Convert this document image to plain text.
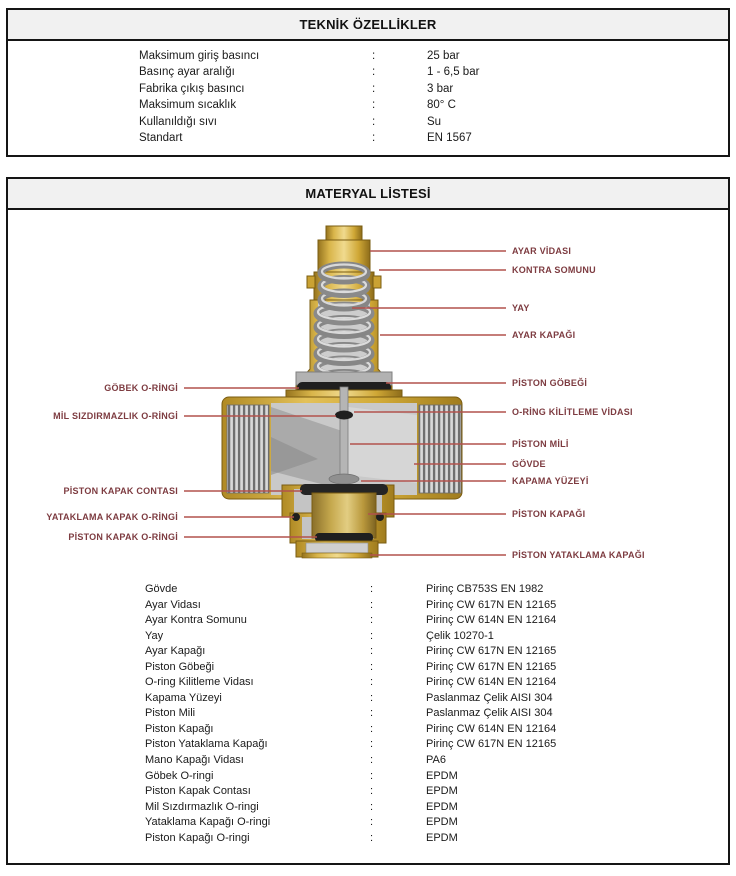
TEKNİK ÖZELLİKLER
Maksimum giriş basıncı	:	25 bar
Basınç ayar aralığı	:	1 - 6,5 bar
Fabrika çıkış basıncı	:	3 bar
Maksimum sıcaklık	:	80° C
Kullanıldığı sıvı	:	Su
Standart	:	EN 1567
MATERYAL LİSTESİ
AYAR VİDASI
KONTRA SOMUNU
YAY
AYAR KAPAĞI
PİSTON GÖBEĞİ
O-RİNG KİLİTLEME VİDASI
PİSTON MİLİ
GÖVDE
KAPAMA YÜZEYİ
PİSTON KAPAĞI
PİSTON YATAKLAMA KAPAĞI
GÖBEK O-RİNGİ
MİL SIZDIRMAZLIK O-RİNGİ
PİSTON KAPAK CONTASI
YATAKLAMA KAPAK O-RİNGİ
PİSTON KAPAK O-RİNGİ
Gövde	:	Pirinç CB753S EN 1982
Ayar Vidası	:	Pirinç CW 617N EN 12165
Ayar Kontra Somunu	:	Pirinç CW 614N EN 12164
Yay	:	Çelik 10270-1
Ayar Kapağı	:	Pirinç CW 617N EN 12165
Piston Göbeği	:	Pirinç CW 617N EN 12165
O-ring Kilitleme Vidası	:	Pirinç CW 614N EN 12164
Kapama Yüzeyi	:	Paslanmaz Çelik AISI 304
Piston Mili	:	Paslanmaz Çelik AISI 304
Piston Kapağı	:	Pirinç CW 614N EN 12164
Piston Yataklama Kapağı	:	Pirinç CW 617N EN 12165
Mano Kapağı Vidası	:	PA6
Göbek O-ringi	:	EPDM
Piston Kapak Contası	:	EPDM
Mil Sızdırmazlık O-ringi	:	EPDM
Yataklama Kapağı O-ringi	:	EPDM
Piston Kapağı O-ringi	:	EPDM
